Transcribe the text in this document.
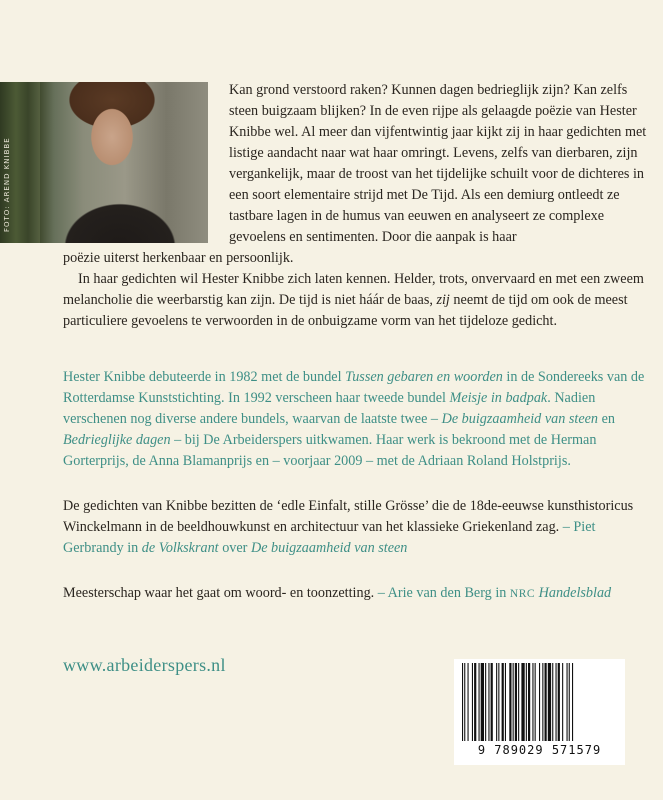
FOTO: AREND KNIBBE

Kan grond verstoord raken? Kunnen dagen bedrieglijk zijn? Kan zelfs steen buigzaam blijken? In de even rijpe als gelaagde poëzie van Hester Knibbe wel. Al meer dan vijfentwintig jaar kijkt zij in haar gedichten met listige aandacht naar wat haar omringt. Levens, zelfs van dierbaren, zijn vergankelijk, maar de troost van het tijdelijke schuilt voor de dichteres in een soort elementaire strijd met De Tijd. Als een demiurg ontleedt ze tastbare lagen in de humus van eeuwen en analyseert ze complexe gevoelens en sentimenten. Door die aanpak is haar

poëzie uiterst herkenbaar en persoonlijk.

In haar gedichten wil Hester Knibbe zich laten kennen. Helder, trots, onvervaard en met een zweem melancholie die weerbarstig kan zijn. De tijd is niet háár de baas, zij neemt de tijd om ook de meest particuliere gevoelens te verwoorden in de onbuigzame vorm van het tijdeloze gedicht.

Hester Knibbe debuteerde in 1982 met de bundel Tussen gebaren en woorden in de Sondereeks van de Rotterdamse Kunststichting. In 1992 verscheen haar tweede bundel Meisje in badpak. Nadien verschenen nog diverse andere bundels, waarvan de laatste twee – De buigzaamheid van steen en Bedrieglijke dagen – bij De Arbeiderspers uitkwamen. Haar werk is bekroond met de Herman Gorterprijs, de Anna Blamanprijs en – voorjaar 2009 – met de Adriaan Roland Holstprijs.

De gedichten van Knibbe bezitten de ‘edle Einfalt, stille Grösse’ die de 18de-eeuwse kunsthistoricus Winckelmann in de beeldhouwkunst en architectuur van het klassieke Griekenland zag. – Piet Gerbrandy in de Volkskrant over De buigzaamheid van steen

Meesterschap waar het gaat om woord- en toonzetting. – Arie van den Berg in NRC Handelsblad

www.arbeiderspers.nl
9 789029 571579
